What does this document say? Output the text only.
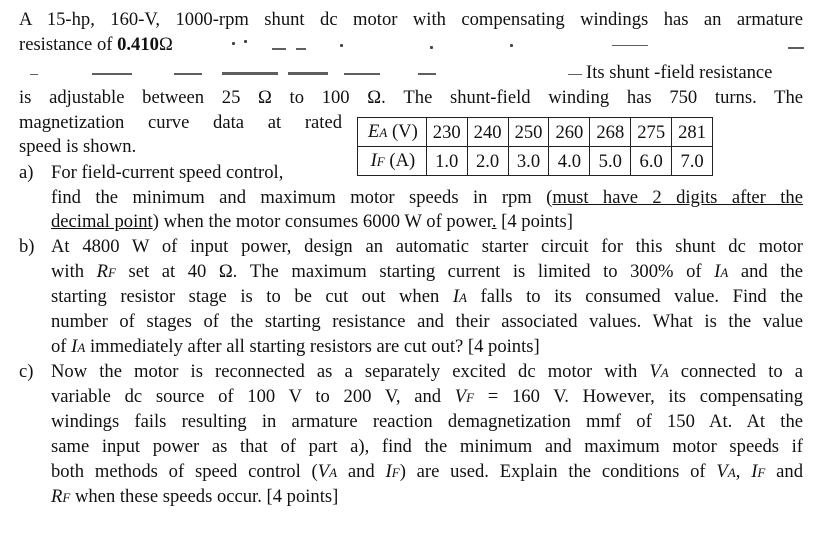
A 15-hp, 160-V, 1000-rpm shunt dc motor with compensating windings has an armature
resistance of 0.410Ω
Its shunt -field resistance
is adjustable between 25 Ω to 100 Ω. The shunt-field winding has 750 turns. The
magnetization curve data at rated
speed is shown.
EA (V)	230	240	250	260	268	275	281
IF (A)	1.0	2.0	3.0	4.0	5.0	6.0	7.0
a) For field-current speed control,
find the minimum and maximum motor speeds in rpm (must have 2 digits after the
decimal point) when the motor consumes 6000 W of power. [4 points]
b) At 4800 W of input power, design an automatic starter circuit for this shunt dc motor
with RF set at 40 Ω. The maximum starting current is limited to 300% of IA and the
starting resistor stage is to be cut out when IA falls to its consumed value. Find the
number of stages of the starting resistance and their associated values. What is the value
of IA immediately after all starting resistors are cut out? [4 points]
c) Now the motor is reconnected as a separately excited dc motor with VA connected to a
variable dc source of 100 V to 200 V, and VF = 160 V. However, its compensating
windings fails resulting in armature reaction demagnetization mmf of 150 At. At the
same input power as that of part a), find the minimum and maximum motor speeds if
both methods of speed control (VA and IF) are used. Explain the conditions of VA, IF and
RF when these speeds occur. [4 points]
